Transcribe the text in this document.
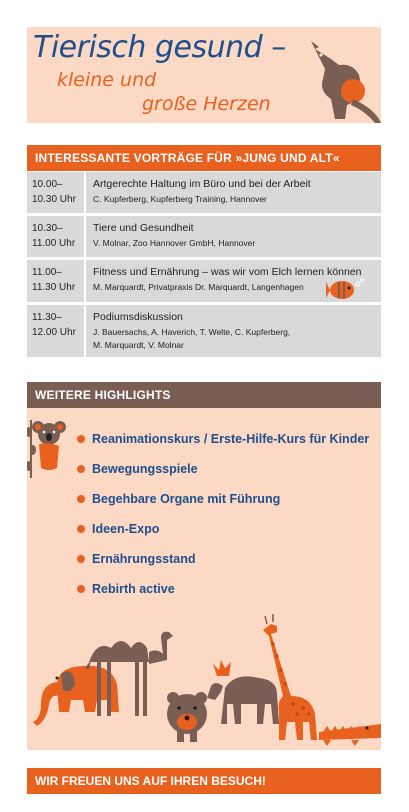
Tierisch gesund –

kleine und

große Herzen

INTERESSANTE VORTRÄGE FÜR »JUNG UND ALT«
10.00–
10.30 Uhr
Artgerechte Haltung im Büro und bei der Arbeit
C. Kupferberg, Kupferberg Training, Hannover
10.30–
11.00 Uhr
Tiere und Gesundheit
V. Molnar, Zoo Hannover GmbH, Hannover
11.00–
11.30 Uhr
Fitness und Ernährung – was wir vom Elch lernen können
M. Marquardt, Privatpraxis Dr. Marquardt, Langenhagen
11.30–
12.00 Uhr
Podiumsdiskussion
J. Bauersachs, A. Haverich, T. Welte, C. Kupferberg,
M. Marquardt, V. Molnar
WEITERE HIGHLIGHTS
Reanimationskurs / Erste-Hilfe-Kurs für Kinder
Bewegungsspiele
Begehbare Organe mit Führung
Ideen-Expo
Ernährungsstand
Rebirth active
WIR FREUEN UNS AUF IHREN BESUCH!
